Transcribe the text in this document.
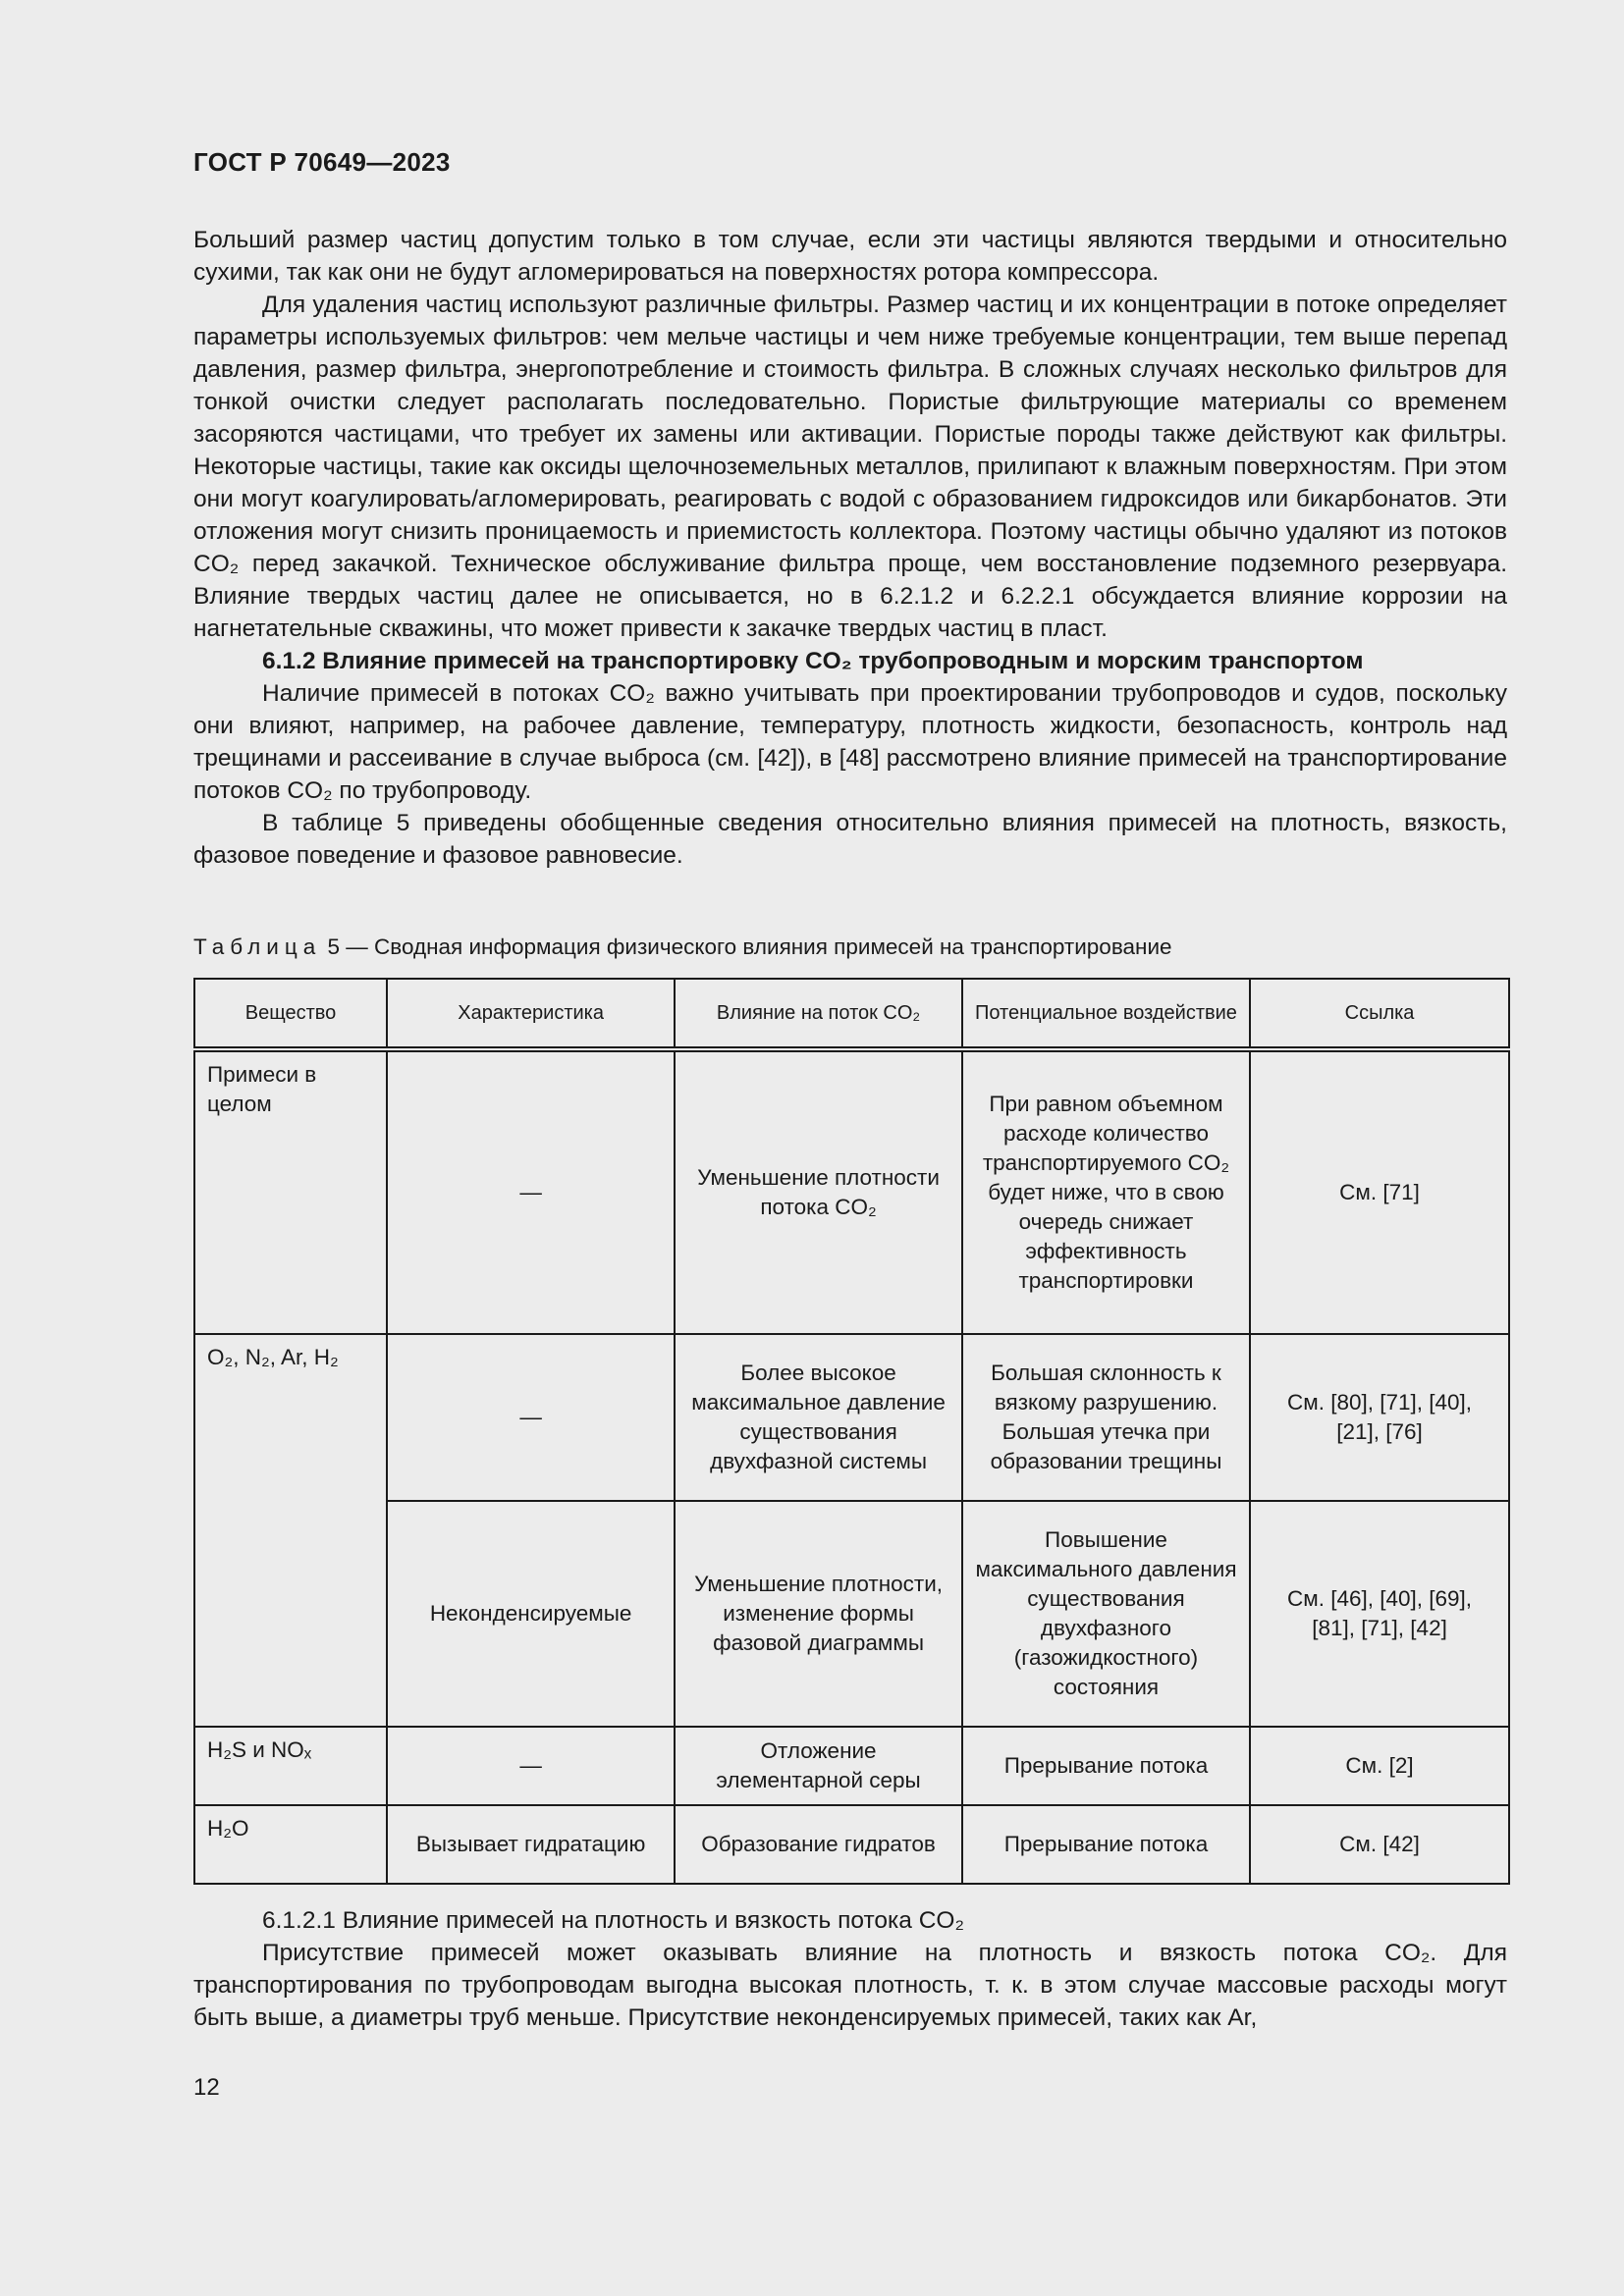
ГОСТ Р 70649—2023

Больший размер частиц допустим только в том случае, если эти частицы являются твердыми и относительно сухими, так как они не будут агломерироваться на поверхностях ротора компрессора.

Для удаления частиц используют различные фильтры. Размер частиц и их концентрации в потоке определяет параметры используемых фильтров: чем мельче частицы и чем ниже требуемые концентрации, тем выше перепад давления, размер фильтра, энергопотребление и стоимость фильтра. В сложных случаях несколько фильтров для тонкой очистки следует располагать последовательно. Пористые фильтрующие материалы со временем засоряются частицами, что требует их замены или активации. Пористые породы также действуют как фильтры. Некоторые частицы, такие как оксиды щелочноземельных металлов, прилипают к влажным поверхностям. При этом они могут коагулировать/агломерировать, реагировать с водой с образованием гидроксидов или бикарбонатов. Эти отложения могут снизить проницаемость и приемистость коллектора. Поэтому частицы обычно удаляют из потоков CO₂ перед закачкой. Техническое обслуживание фильтра проще, чем восстановление подземного резервуара. Влияние твердых частиц далее не описывается, но в 6.2.1.2 и 6.2.2.1 обсуждается влияние коррозии на нагнетательные скважины, что может привести к закачке твердых частиц в пласт.

6.1.2 Влияние примесей на транспортировку CO₂ трубопроводным и морским транспортом

Наличие примесей в потоках CO₂ важно учитывать при проектировании трубопроводов и судов, поскольку они влияют, например, на рабочее давление, температуру, плотность жидкости, безопасность, контроль над трещинами и рассеивание в случае выброса (см. [42]), в [48] рассмотрено влияние примесей на транспортирование потоков CO₂ по трубопроводу.

В таблице 5 приведены обобщенные сведения относительно влияния примесей на плотность, вязкость, фазовое поведение и фазовое равновесие.

Таблица 5 — Сводная информация физического влияния примесей на транспортирование
Вещество	Характеристика	Влияние на поток CO₂	Потенциальное воздействие	Ссылка
Примеси в целом	—	Уменьшение плотности потока CO₂	При равном объемном расходе количество транспортируемого CO₂ будет ниже, что в свою очередь снижает эффективность транспортировки	См. [71]
O₂, N₂, Ar, H₂	—	Более высокое максимальное давление существования двухфазной системы	Большая склонность к вязкому разрушению. Большая утечка при образовании трещины	См. [80], [71], [40], [21], [76]
	Неконденсируемые	Уменьшение плотности, изменение формы фазовой диаграммы	Повышение максимального давления существования двухфазного (газожидкостного) состояния	См. [46], [40], [69], [81], [71], [42]
H₂S и NOₓ	—	Отложение элементарной серы	Прерывание потока	См. [2]
H₂O	Вызывает гидратацию	Образование гидратов	Прерывание потока	См. [42]

6.1.2.1 Влияние примесей на плотность и вязкость потока CO₂

Присутствие примесей может оказывать влияние на плотность и вязкость потока CO₂. Для транспортирования по трубопроводам выгодна высокая плотность, т. к. в этом случае массовые расходы могут быть выше, а диаметры труб меньше. Присутствие неконденсируемых примесей, таких как Ar,

12
